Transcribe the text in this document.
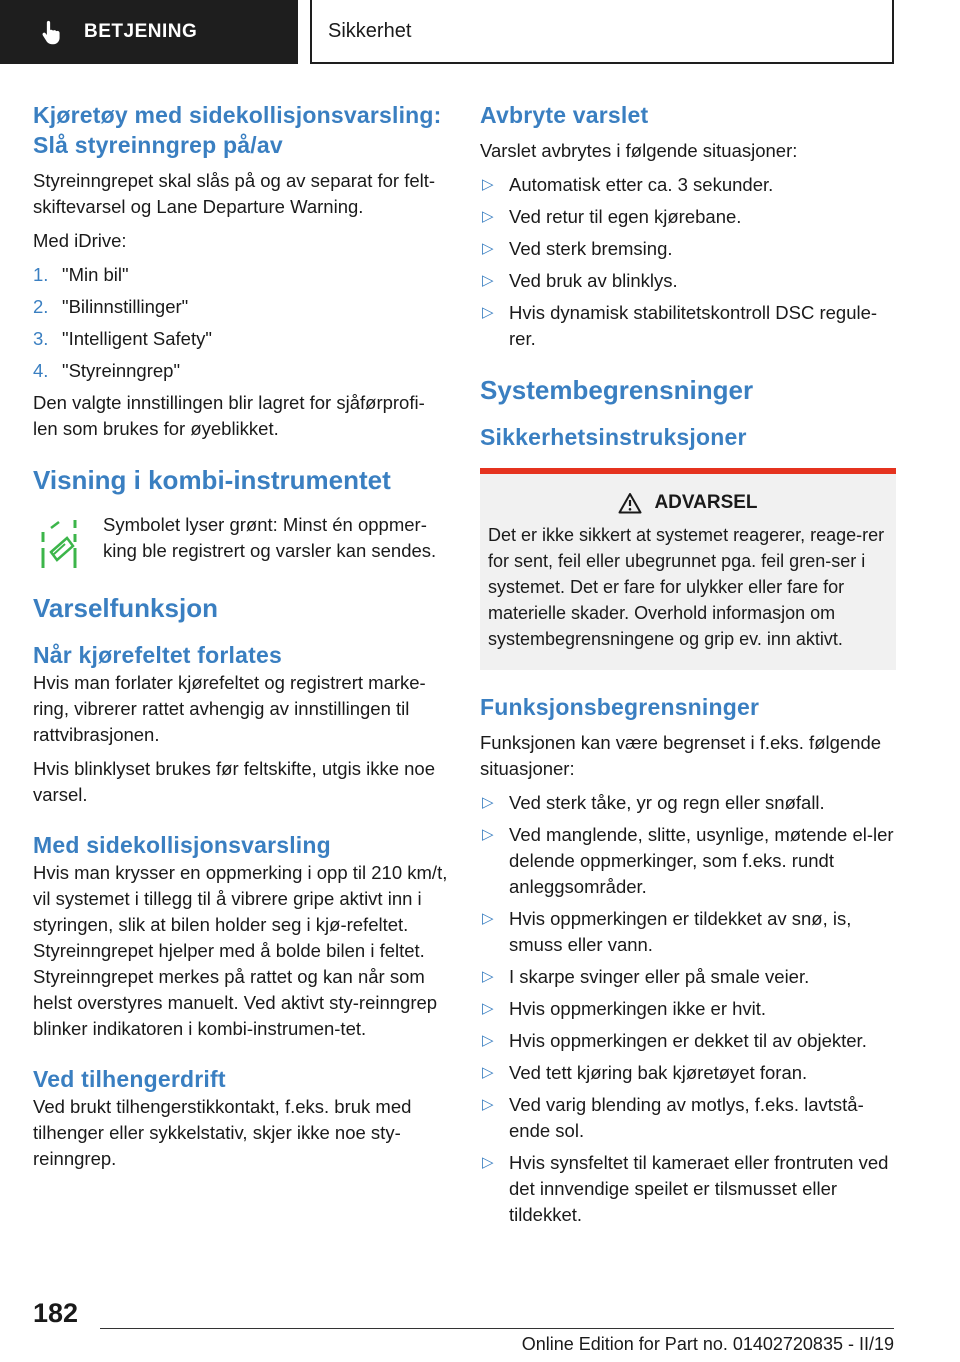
BETJENING	Sikkerhet
Kjøretøy med sidekollisjonsvarsling: Slå styreinngrep på/av

Styreinngrepet skal slås på og av separat for felt-skiftevarsel og Lane Departure Warning.

Med iDrive:

1. "Min bil"
2. "Bilinnstillinger"
3. "Intelligent Safety"
4. "Styreinngrep"

Den valgte innstillingen blir lagret for sjåførprofi-len som brukes for øyeblikket.

Visning i kombi-instrumentet

Symbolet lyser grønt: Minst én oppmer-king ble registrert og varsler kan sendes.

Varselfunksjon
Når kjørefeltet forlates

Hvis man forlater kjørefeltet og registrert marke-ring, vibrerer rattet avhengig av innstillingen til rattvibrasjonen.

Hvis blinklyset brukes før feltskifte, utgis ikke noe varsel.

Med sidekollisjonsvarsling

Hvis man krysser en oppmerking i opp til 210 km/t, vil systemet i tillegg til å vibrere gripe aktivt inn i styringen, slik at bilen holder seg i kjø-refeltet. Styreinngrepet hjelper med å bolde bilen i feltet. Styreinngrepet merkes på rattet og kan når som helst overstyres manuelt. Ved aktivt sty-reinngrep blinker indikatoren i kombi-instrumen-tet.

Ved tilhengerdrift

Ved brukt tilhengerstikkontakt, f.eks. bruk med tilhenger eller sykkelstativ, skjer ikke noe sty-reinngrep.

Avbryte varslet

Varslet avbrytes i følgende situasjoner:

▷ Automatisk etter ca. 3 sekunder.
▷ Ved retur til egen kjørebane.
▷ Ved sterk bremsing.
▷ Ved bruk av blinklys.
▷ Hvis dynamisk stabilitetskontroll DSC regule-rer.
Systembegrensninger
Sikkerhetsinstruksjoner
ADVARSEL

Det er ikke sikkert at systemet reagerer, reage-rer for sent, feil eller ubegrunnet pga. feil gren-ser i systemet. Det er fare for ulykker eller fare for materielle skader. Overhold informasjon om systembegrensningene og grip ev. inn aktivt.

Funksjonsbegrensninger

Funksjonen kan være begrenset i f.eks. følgende situasjoner:

▷ Ved sterk tåke, yr og regn eller snøfall.
▷ Ved manglende, slitte, usynlige, møtende el-ler delende oppmerkinger, som f.eks. rundt anleggsområder.
▷ Hvis oppmerkingen er tildekket av snø, is, smuss eller vann.
▷ I skarpe svinger eller på smale veier.
▷ Hvis oppmerkingen ikke er hvit.
▷ Hvis oppmerkingen er dekket til av objekter.
▷ Ved tett kjøring bak kjøretøyet foran.
▷ Ved varig blending av motlys, f.eks. lavtstå-ende sol.
▷ Hvis synsfeltet til kameraet eller frontruten ved det innvendige speilet er tilsmusset eller tildekket.
182
Online Edition for Part no. 01402720835 - II/19
